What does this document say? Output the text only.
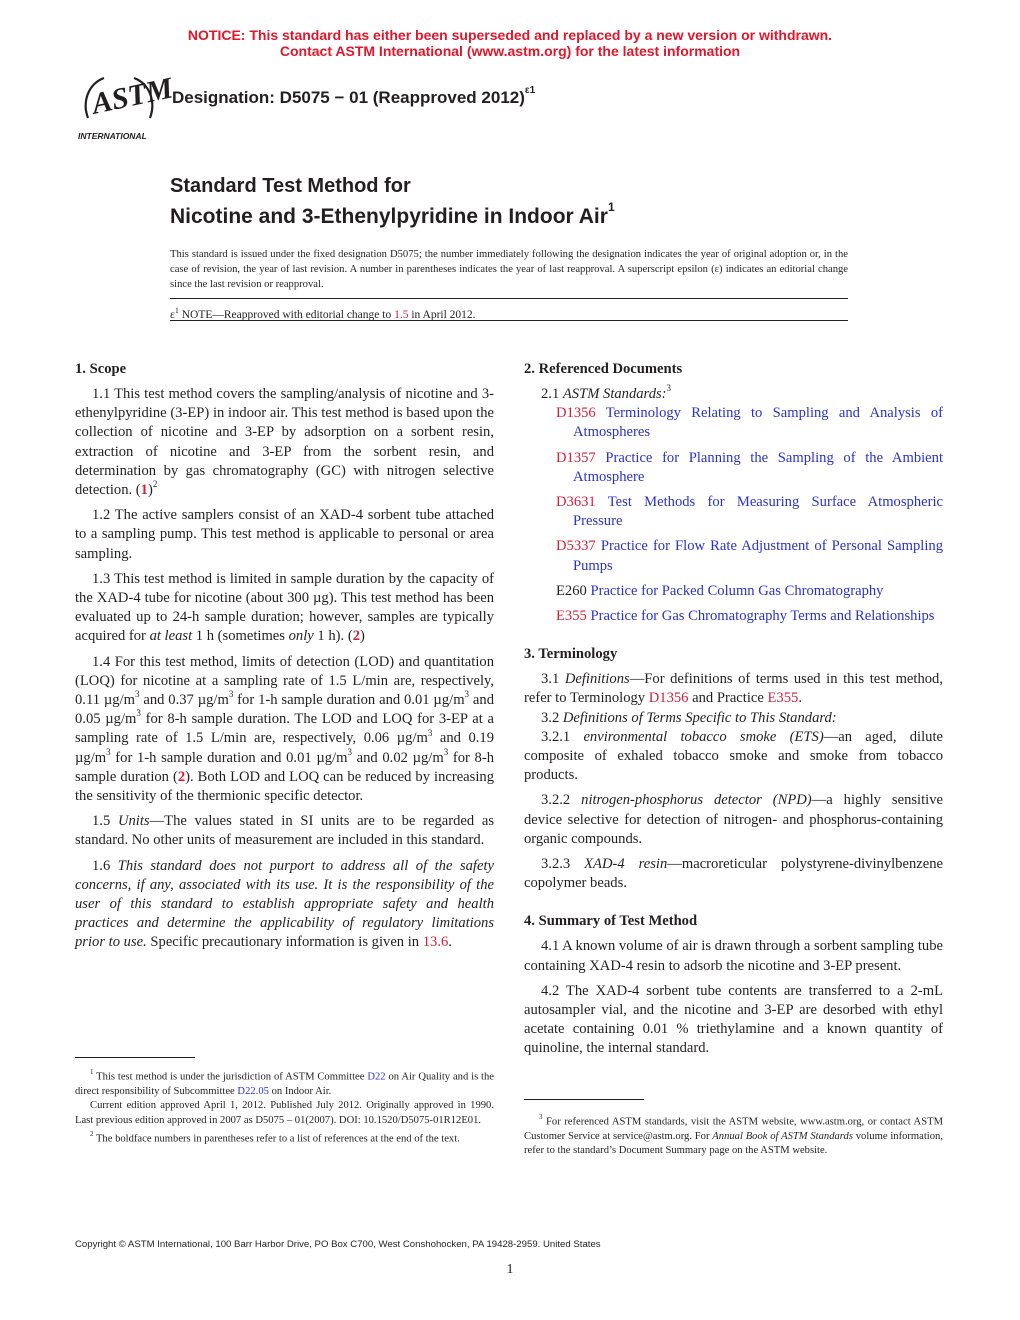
NOTICE: This standard has either been superseded and replaced by a new version or withdrawn.
Contact ASTM International (www.astm.org) for the latest information
ASTM
INTERNATIONAL
Designation: D5075 − 01 (Reapproved 2012)$^{\varepsilon 1}$
Standard Test Method for
Nicotine and 3-Ethenylpyridine in Indoor Air$^1$
This standard is issued under the fixed designation D5075; the number immediately following the designation indicates the year of original adoption or, in the case of revision, the year of last revision. A number in parentheses indicates the year of last reapproval. A superscript epsilon (ε) indicates an editorial change since the last revision or reapproval.
$\varepsilon^1$ NOTE—Reapproved with editorial change to 1.5 in April 2012.
1. Scope

1.1 This test method covers the sampling/analysis of nicotine and 3-ethenylpyridine (3-EP) in indoor air. This test method is based upon the collection of nicotine and 3-EP by adsorption on a sorbent resin, extraction of nicotine and 3-EP from the sorbent resin, and determination by gas chromatography (GC) with nitrogen selective detection. $(1)^2$

1.2 The active samplers consist of an XAD-4 sorbent tube attached to a sampling pump. This test method is applicable to personal or area sampling.

1.3 This test method is limited in sample duration by the capacity of the XAD-4 tube for nicotine (about 300 µg). This test method has been evaluated up to 24-h sample duration; however, samples are typically acquired for at least 1 h (sometimes only 1 h). (2)

1.4 For this test method, limits of detection (LOD) and quantitation (LOQ) for nicotine at a sampling rate of 1.5 L/min are, respectively, 0.11 $\mu g/m^3$ and 0.37 $\mu g/m^3$ for 1-h sample duration and 0.01 $\mu g/m^3$ and 0.05 $\mu g/m^3$ for 8-h sample duration. The LOD and LOQ for 3-EP at a sampling rate of 1.5 L/min are, respectively, 0.06 $\mu g/m^3$ and 0.19 $\mu g/m^3$ for 1-h sample duration and 0.01 $\mu g/m^3$ and 0.02 $\mu g/m^3$ for 8-h sample duration (2). Both LOD and LOQ can be reduced by increasing the sensitivity of the thermionic specific detector.

1.5 Units—The values stated in SI units are to be regarded as standard. No other units of measurement are included in this standard.

1.6 This standard does not purport to address all of the safety concerns, if any, associated with its use. It is the responsibility of the user of this standard to establish appropriate safety and health practices and determine the applicability of regulatory limitations prior to use. Specific precautionary information is given in 13.6.

2. Referenced Documents

2.1 ASTM Standards:$^3$

D1356 Terminology Relating to Sampling and Analysis of Atmospheres

D1357 Practice for Planning the Sampling of the Ambient Atmosphere

D3631 Test Methods for Measuring Surface Atmospheric Pressure

D5337 Practice for Flow Rate Adjustment of Personal Sampling Pumps

E260 Practice for Packed Column Gas Chromatography

E355 Practice for Gas Chromatography Terms and Relationships

3. Terminology

3.1 Definitions—For definitions of terms used in this test method, refer to Terminology D1356 and Practice E355.

3.2 Definitions of Terms Specific to This Standard:

3.2.1 environmental tobacco smoke (ETS)—an aged, dilute composite of exhaled tobacco smoke and smoke from tobacco products.

3.2.2 nitrogen-phosphorus detector (NPD)—a highly sensitive device selective for detection of nitrogen- and phosphorus-containing organic compounds.

3.2.3 XAD-4 resin—macroreticular polystyrene-divinylbenzene copolymer beads.

4. Summary of Test Method

4.1 A known volume of air is drawn through a sorbent sampling tube containing XAD-4 resin to adsorb the nicotine and 3-EP present.

4.2 The XAD-4 sorbent tube contents are transferred to a 2-mL autosampler vial, and the nicotine and 3-EP are desorbed with ethyl acetate containing 0.01 % triethylamine and a known quantity of quinoline, the internal standard.

$^1$ This test method is under the jurisdiction of ASTM Committee D22 on Air Quality and is the direct responsibility of Subcommittee D22.05 on Indoor Air.

Current edition approved April 1, 2012. Published July 2012. Originally approved in 1990. Last previous edition approved in 2007 as D5075 – 01(2007). DOI: 10.1520/D5075-01R12E01.

$^2$ The boldface numbers in parentheses refer to a list of references at the end of the text.

$^3$ For referenced ASTM standards, visit the ASTM website, www.astm.org, or contact ASTM Customer Service at service@astm.org. For Annual Book of ASTM Standards volume information, refer to the standard’s Document Summary page on the ASTM website.

Copyright © ASTM International, 100 Barr Harbor Drive, PO Box C700, West Conshohocken, PA 19428-2959. United States
1
